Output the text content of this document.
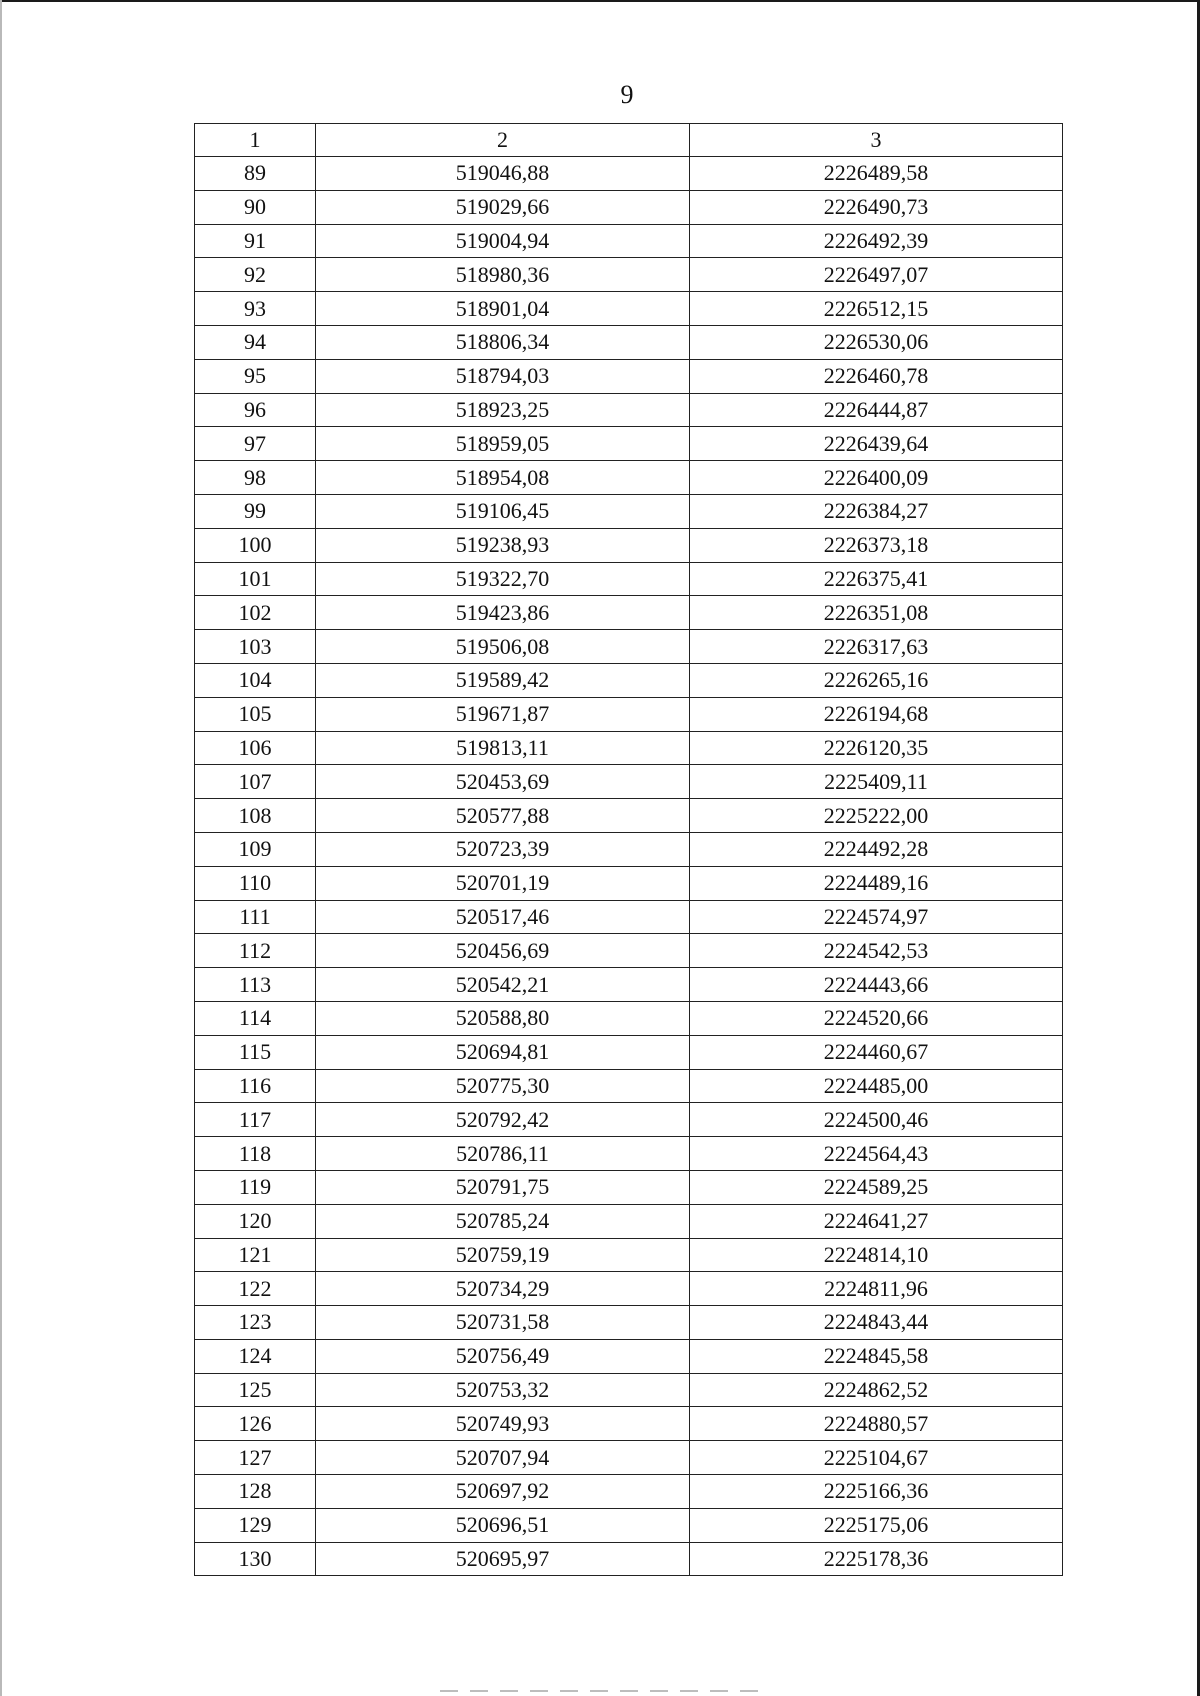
9
1	2	3
89	519046,88	2226489,58
90	519029,66	2226490,73
91	519004,94	2226492,39
92	518980,36	2226497,07
93	518901,04	2226512,15
94	518806,34	2226530,06
95	518794,03	2226460,78
96	518923,25	2226444,87
97	518959,05	2226439,64
98	518954,08	2226400,09
99	519106,45	2226384,27
100	519238,93	2226373,18
101	519322,70	2226375,41
102	519423,86	2226351,08
103	519506,08	2226317,63
104	519589,42	2226265,16
105	519671,87	2226194,68
106	519813,11	2226120,35
107	520453,69	2225409,11
108	520577,88	2225222,00
109	520723,39	2224492,28
110	520701,19	2224489,16
111	520517,46	2224574,97
112	520456,69	2224542,53
113	520542,21	2224443,66
114	520588,80	2224520,66
115	520694,81	2224460,67
116	520775,30	2224485,00
117	520792,42	2224500,46
118	520786,11	2224564,43
119	520791,75	2224589,25
120	520785,24	2224641,27
121	520759,19	2224814,10
122	520734,29	2224811,96
123	520731,58	2224843,44
124	520756,49	2224845,58
125	520753,32	2224862,52
126	520749,93	2224880,57
127	520707,94	2225104,67
128	520697,92	2225166,36
129	520696,51	2225175,06
130	520695,97	2225178,36
